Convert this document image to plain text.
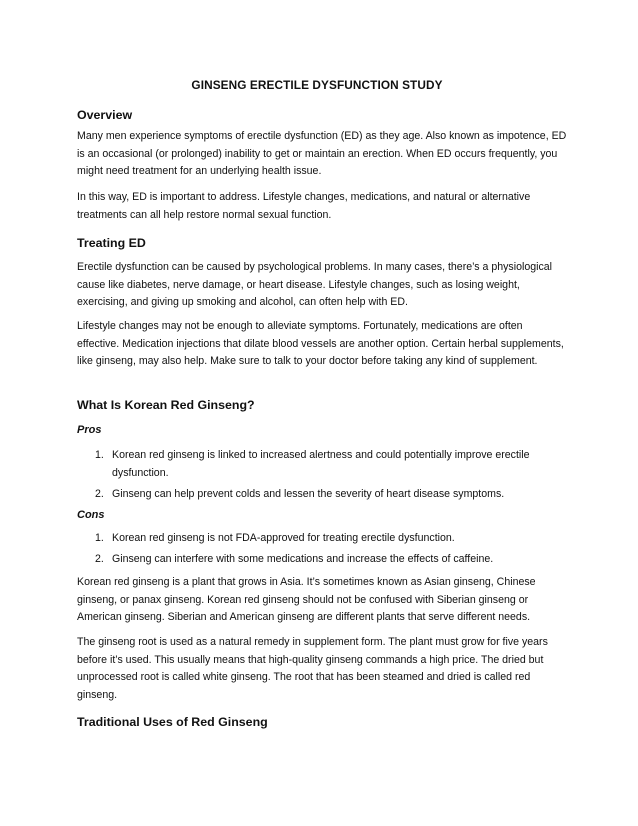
GINSENG ERECTILE DYSFUNCTION STUDY
Overview

Many men experience symptoms of erectile dysfunction (ED) as they age. Also known as impotence, ED is an occasional (or prolonged) inability to get or maintain an erection. When ED occurs frequently, you might need treatment for an underlying health issue.

In this way, ED is important to address. Lifestyle changes, medications, and natural or alternative treatments can all help restore normal sexual function.

Treating ED

Erectile dysfunction can be caused by psychological problems. In many cases, there’s a physiological cause like diabetes, nerve damage, or heart disease. Lifestyle changes, such as losing weight, exercising, and giving up smoking and alcohol, can often help with ED.

Lifestyle changes may not be enough to alleviate symptoms. Fortunately, medications are often effective. Medication injections that dilate blood vessels are another option. Certain herbal supplements, like ginseng, may also help. Make sure to talk to your doctor before taking any kind of supplement.

What Is Korean Red Ginseng?
Pros
1. Korean red ginseng is linked to increased alertness and could potentially improve erectile dysfunction.
2. Ginseng can help prevent colds and lessen the severity of heart disease symptoms.
Cons
1. Korean red ginseng is not FDA-approved for treating erectile dysfunction.
2. Ginseng can interfere with some medications and increase the effects of caffeine.

Korean red ginseng is a plant that grows in Asia. It’s sometimes known as Asian ginseng, Chinese ginseng, or panax ginseng. Korean red ginseng should not be confused with Siberian ginseng or American ginseng. Siberian and American ginseng are different plants that serve different needs.

The ginseng root is used as a natural remedy in supplement form. The plant must grow for five years before it’s used. This usually means that high-quality ginseng commands a high price. The dried but unprocessed root is called white ginseng. The root that has been steamed and dried is called red ginseng.

Traditional Uses of Red Ginseng
